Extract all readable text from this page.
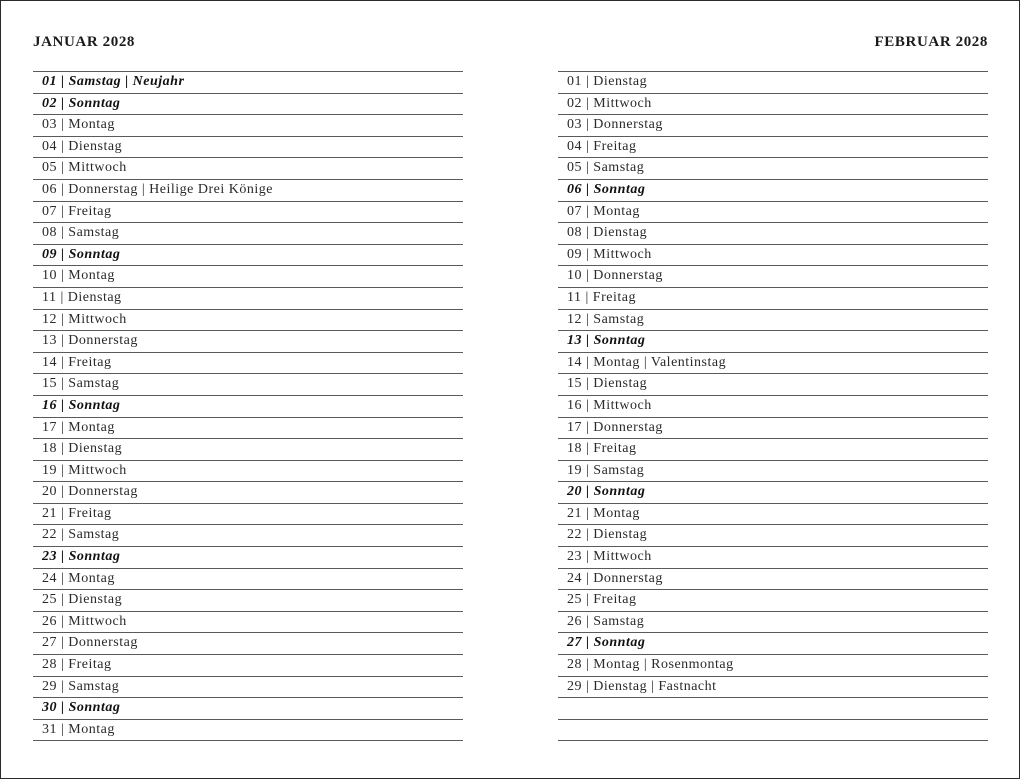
JANUAR 2028	FEBRUAR 2028
01 | Samstag | Neujahr
02 | Sonntag
03 | Montag
04 | Dienstag
05 | Mittwoch
06 | Donnerstag | Heilige Drei Könige
07 | Freitag
08 | Samstag
09 | Sonntag
10 | Montag
11 | Dienstag
12 | Mittwoch
13 | Donnerstag
14 | Freitag
15 | Samstag
16 | Sonntag
17 | Montag
18 | Dienstag
19 | Mittwoch
20 | Donnerstag
21 | Freitag
22 | Samstag
23 | Sonntag
24 | Montag
25 | Dienstag
26 | Mittwoch
27 | Donnerstag
28 | Freitag
29 | Samstag
30 | Sonntag
31 | Montag
01 | Dienstag
02 | Mittwoch
03 | Donnerstag
04 | Freitag
05 | Samstag
06 | Sonntag
07 | Montag
08 | Dienstag
09 | Mittwoch
10 | Donnerstag
11 | Freitag
12 | Samstag
13 | Sonntag
14 | Montag | Valentinstag
15 | Dienstag
16 | Mittwoch
17 | Donnerstag
18 | Freitag
19 | Samstag
20 | Sonntag
21 | Montag
22 | Dienstag
23 | Mittwoch
24 | Donnerstag
25 | Freitag
26 | Samstag
27 | Sonntag
28 | Montag | Rosenmontag
29 | Dienstag | Fastnacht
